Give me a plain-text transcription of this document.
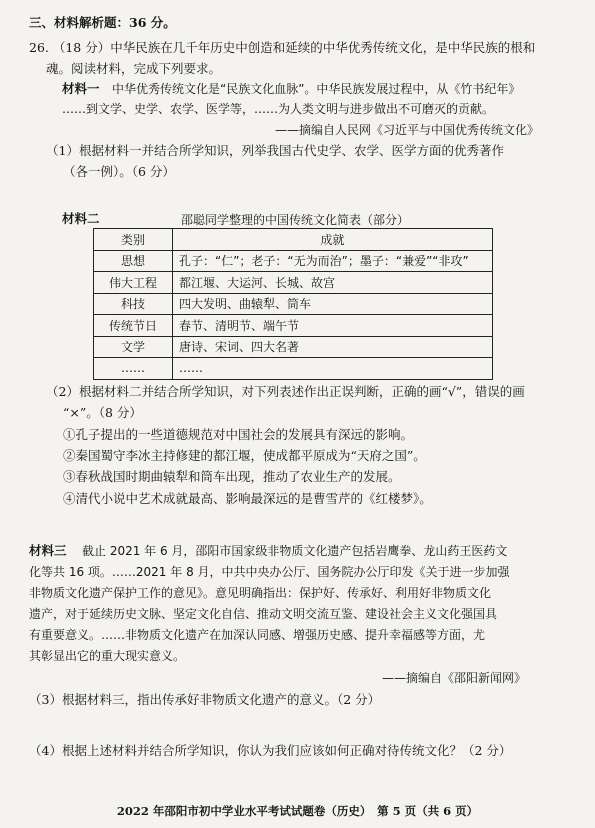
三、材料解析题：36 分。
26. （18 分）中华民族在几千年历史中创造和延续的中华优秀传统文化，是中华民族的根和
魂。阅读材料，完成下列要求。
材料一 中华优秀传统文化是“民族文化血脉”。中华民族发展过程中，从《竹书纪年》
……到文学、史学、农学、医学等，……为人类文明与进步做出不可磨灭的贡献。
——摘编自人民网《习近平与中国优秀传统文化》
（1）根据材料一并结合所学知识，列举我国古代史学、农学、医学方面的优秀著作
（各一例）。（6 分）
材料二	邵聪同学整理的中国传统文化简表（部分）
类别	成就
思想	孔子：“仁”；老子：“无为而治”；墨子：“兼爱”“非攻”
伟大工程	都江堰、大运河、长城、故宫
科技	四大发明、曲辕犁、筒车
传统节日	春节、清明节、端午节
文学	唐诗、宋词、四大名著
……	……
（2）根据材料二并结合所学知识，对下列表述作出正误判断，正确的画“√”，错误的画
“×”。（8 分）
①孔子提出的一些道德规范对中国社会的发展具有深远的影响。
②秦国蜀守李冰主持修建的都江堰，使成都平原成为“天府之国”。
③春秋战国时期曲辕犁和筒车出现，推动了农业生产的发展。
④清代小说中艺术成就最高、影响最深远的是曹雪芹的《红楼梦》。
材料三 截止 2021 年 6 月，邵阳市国家级非物质文化遗产包括岩鹰拳、龙山药王医药文
化等共 16 项。……2021 年 8 月，中共中央办公厅、国务院办公厅印发《关于进一步加强
非物质文化遗产保护工作的意见》。意见明确指出：保护好、传承好、利用好非物质文化
遗产，对于延续历史文脉、坚定文化自信、推动文明交流互鉴、建设社会主义文化强国具
有重要意义。……非物质文化遗产在加深认同感、增强历史感、提升幸福感等方面，尤
其彰显出它的重大现实意义。
——摘编自《邵阳新闻网》
（3）根据材料三，指出传承好非物质文化遗产的意义。（2 分）
（4）根据上述材料并结合所学知识，你认为我们应该如何正确对待传统文化？（2 分）
2022 年邵阳市初中学业水平考试试题卷（历史）　第 5 页（共 6 页）
